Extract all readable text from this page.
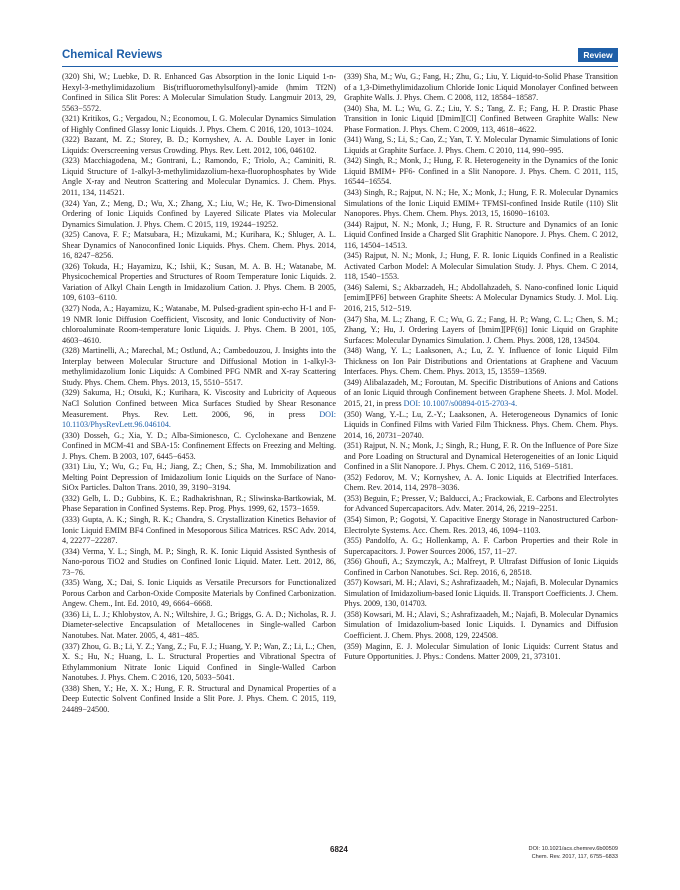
Chemical Reviews	Review

(320) Shi, W.; Luebke, D. R. Enhanced Gas Absorption in the Ionic Liquid 1-n-Hexyl-3-methylimidazolium Bis(trifluoromethylsulfonyl)-amide (hmim Tf2N) Confined in Silica Slit Pores: A Molecular Simulation Study. Langmuir 2013, 29, 5563−5572.

(321) Kritikos, G.; Vergadou, N.; Economou, I. G. Molecular Dynamics Simulation of Highly Confined Glassy Ionic Liquids. J. Phys. Chem. C 2016, 120, 1013−1024.

(322) Bazant, M. Z.; Storey, B. D.; Kornyshev, A. A. Double Layer in Ionic Liquids: Overscreening versus Crowding. Phys. Rev. Lett. 2012, 106, 046102.

(323) Macchiagodena, M.; Gontrani, L.; Ramondo, F.; Triolo, A.; Caminiti, R. Liquid Structure of 1-alkyl-3-methylimidazolium-hexa-fluorophosphates by Wide Angle X-ray and Neutron Scattering and Molecular Dynamics. J. Chem. Phys. 2011, 134, 114521.

(324) Yan, Z.; Meng, D.; Wu, X.; Zhang, X.; Liu, W.; He, K. Two-Dimensional Ordering of Ionic Liquids Confined by Layered Silicate Plates via Molecular Dynamics Simulation. J. Phys. Chem. C 2015, 119, 19244−19252.

(325) Canova, F. F.; Matsubara, H.; Mizukami, M.; Kurihara, K.; Shluger, A. L. Shear Dynamics of Nanoconfined Ionic Liquids. Phys. Chem. Chem. Phys. 2014, 16, 8247−8256.

(326) Tokuda, H.; Hayamizu, K.; Ishii, K.; Susan, M. A. B. H.; Watanabe, M. Physicochemical Properties and Structures of Room Temperature Ionic Liquids. 2. Variation of Alkyl Chain Length in Imidazolium Cation. J. Phys. Chem. B 2005, 109, 6103−6110.

(327) Noda, A.; Hayamizu, K.; Watanabe, M. Pulsed-gradient spin-echo H-1 and F-19 NMR Ionic Diffusion Coefficient, Viscosity, and Ionic Conductivity of Non-chloroaluminate Room-temperature Ionic Liquids. J. Phys. Chem. B 2001, 105, 4603−4610.

(328) Martinelli, A.; Marechal, M.; Ostlund, A.; Cambedouzou, J. Insights into the Interplay between Molecular Structure and Diffusional Motion in 1-alkyl-3-methylimidazolium Ionic Liquids: A Combined PFG NMR and X-ray Scattering Study. Phys. Chem. Chem. Phys. 2013, 15, 5510−5517.

(329) Sakuma, H.; Otsuki, K.; Kurihara, K. Viscosity and Lubricity of Aqueous NaCl Solution Confined between Mica Surfaces Studied by Shear Resonance Measurement. Phys. Rev. Lett. 2006, 96, in press DOI: 10.1103/PhysRevLett.96.046104.

(330) Dosseh, G.; Xia, Y. D.; Alba-Simionesco, C. Cyclohexane and Benzene Confined in MCM-41 and SBA-15: Confinement Effects on Freezing and Melting. J. Phys. Chem. B 2003, 107, 6445−6453.

(331) Liu, Y.; Wu, G.; Fu, H.; Jiang, Z.; Chen, S.; Sha, M. Immobilization and Melting Point Depression of Imidazolium Ionic Liquids on the Surface of Nano-SiOx Particles. Dalton Trans. 2010, 39, 3190−3194.

(332) Gelb, L. D.; Gubbins, K. E.; Radhakrishnan, R.; Sliwinska-Bartkowiak, M. Phase Separation in Confined Systems. Rep. Prog. Phys. 1999, 62, 1573−1659.

(333) Gupta, A. K.; Singh, R. K.; Chandra, S. Crystallization Kinetics Behavior of Ionic Liquid EMIM BF4 Confined in Mesoporous Silica Matrices. RSC Adv. 2014, 4, 22277−22287.

(334) Verma, Y. L.; Singh, M. P.; Singh, R. K. Ionic Liquid Assisted Synthesis of Nano-porous TiO2 and Studies on Confined Ionic Liquid. Mater. Lett. 2012, 86, 73−76.

(335) Wang, X.; Dai, S. Ionic Liquids as Versatile Precursors for Functionalized Porous Carbon and Carbon-Oxide Composite Materials by Confined Carbonization. Angew. Chem., Int. Ed. 2010, 49, 6664−6668.

(336) Li, L. J.; Khlobystov, A. N.; Wiltshire, J. G.; Briggs, G. A. D.; Nicholas, R. J. Diameter-selective Encapsulation of Metallocenes in Single-walled Carbon Nanotubes. Nat. Mater. 2005, 4, 481−485.

(337) Zhou, G. B.; Li, Y. Z.; Yang, Z.; Fu, F. J.; Huang, Y. P.; Wan, Z.; Li, L.; Chen, X. S.; Hu, N.; Huang, L. L. Structural Properties and Vibrational Spectra of Ethylammonium Nitrate Ionic Liquid Confined in Single-Walled Carbon Nanotubes. J. Phys. Chem. C 2016, 120, 5033−5041.

(338) Shen, Y.; He, X. X.; Hung, F. R. Structural and Dynamical Properties of a Deep Eutectic Solvent Confined Inside a Slit Pore. J. Phys. Chem. C 2015, 119, 24489−24500.

(339) Sha, M.; Wu, G.; Fang, H.; Zhu, G.; Liu, Y. Liquid-to-Solid Phase Transition of a 1,3-Dimethylimidazolium Chloride Ionic Liquid Monolayer Confined between Graphite Walls. J. Phys. Chem. C 2008, 112, 18584−18587.

(340) Sha, M. L.; Wu, G. Z.; Liu, Y. S.; Tang, Z. F.; Fang, H. P. Drastic Phase Transition in Ionic Liquid [Dmim][Cl] Confined Between Graphite Walls: New Phase Formation. J. Phys. Chem. C 2009, 113, 4618−4622.

(341) Wang, S.; Li, S.; Cao, Z.; Yan, T. Y. Molecular Dynamic Simulations of Ionic Liquids at Graphite Surface. J. Phys. Chem. C 2010, 114, 990−995.

(342) Singh, R.; Monk, J.; Hung, F. R. Heterogeneity in the Dynamics of the Ionic Liquid BMIM+ PF6- Confined in a Slit Nanopore. J. Phys. Chem. C 2011, 115, 16544−16554.

(343) Singh, R.; Rajput, N. N.; He, X.; Monk, J.; Hung, F. R. Molecular Dynamics Simulations of the Ionic Liquid EMIM+ TFMSI-confined Inside Rutile (110) Slit Nanopores. Phys. Chem. Chem. Phys. 2013, 15, 16090−16103.

(344) Rajput, N. N.; Monk, J.; Hung, F. R. Structure and Dynamics of an Ionic Liquid Confined Inside a Charged Slit Graphitic Nanopore. J. Phys. Chem. C 2012, 116, 14504−14513.

(345) Rajput, N. N.; Monk, J.; Hung, F. R. Ionic Liquids Confined in a Realistic Activated Carbon Model: A Molecular Simulation Study. J. Phys. Chem. C 2014, 118, 1540−1553.

(346) Salemi, S.; Akbarzadeh, H.; Abdollahzadeh, S. Nano-confined Ionic Liquid [emim][PF6] between Graphite Sheets: A Molecular Dynamics Study. J. Mol. Liq. 2016, 215, 512−519.

(347) Sha, M. L.; Zhang, F. C.; Wu, G. Z.; Fang, H. P.; Wang, C. L.; Chen, S. M.; Zhang, Y.; Hu, J. Ordering Layers of [bmim][PF(6)] Ionic Liquid on Graphite Surfaces: Molecular Dynamics Simulation. J. Chem. Phys. 2008, 128, 134504.

(348) Wang, Y. L.; Laaksonen, A.; Lu, Z. Y. Influence of Ionic Liquid Film Thickness on Ion Pair Distributions and Orientations at Graphene and Vacuum Interfaces. Phys. Chem. Chem. Phys. 2013, 15, 13559−13569.

(349) Alibalazadeh, M.; Foroutan, M. Specific Distributions of Anions and Cations of an Ionic Liquid through Confinement between Graphene Sheets. J. Mol. Model. 2015, 21, in press DOI: 10.1007/s00894-015-2703-4.

(350) Wang, Y.-L.; Lu, Z.-Y.; Laaksonen, A. Heterogeneous Dynamics of Ionic Liquids in Confined Films with Varied Film Thickness. Phys. Chem. Chem. Phys. 2014, 16, 20731−20740.

(351) Rajput, N. N.; Monk, J.; Singh, R.; Hung, F. R. On the Influence of Pore Size and Pore Loading on Structural and Dynamical Heterogeneities of an Ionic Liquid Confined in a Slit Nanopore. J. Phys. Chem. C 2012, 116, 5169−5181.

(352) Fedorov, M. V.; Kornyshev, A. A. Ionic Liquids at Electrified Interfaces. Chem. Rev. 2014, 114, 2978−3036.

(353) Beguin, F.; Presser, V.; Balducci, A.; Frackowiak, E. Carbons and Electrolytes for Advanced Supercapacitors. Adv. Mater. 2014, 26, 2219−2251.

(354) Simon, P.; Gogotsi, Y. Capacitive Energy Storage in Nanostructured Carbon-Electrolyte Systems. Acc. Chem. Res. 2013, 46, 1094−1103.

(355) Pandolfo, A. G.; Hollenkamp, A. F. Carbon Properties and their Role in Supercapacitors. J. Power Sources 2006, 157, 11−27.

(356) Ghoufi, A.; Szymczyk, A.; Malfreyt, P. Ultrafast Diffusion of Ionic Liquids Confined in Carbon Nanotubes. Sci. Rep. 2016, 6, 28518.

(357) Kowsari, M. H.; Alavi, S.; Ashrafizaadeh, M.; Najafi, B. Molecular Dynamics Simulation of Imidazolium-based Ionic Liquids. II. Transport Coefficients. J. Chem. Phys. 2009, 130, 014703.

(358) Kowsari, M. H.; Alavi, S.; Ashrafizaadeh, M.; Najafi, B. Molecular Dynamics Simulation of Imidazolium-based Ionic Liquids. I. Dynamics and Diffusion Coefficient. J. Chem. Phys. 2008, 129, 224508.

(359) Maginn, E. J. Molecular Simulation of Ionic Liquids: Current Status and Future Opportunities. J. Phys.: Condens. Matter 2009, 21, 373101.

6824	DOI: 10.1021/acs.chemrev.6b00509
Chem. Rev. 2017, 117, 6755−6833
